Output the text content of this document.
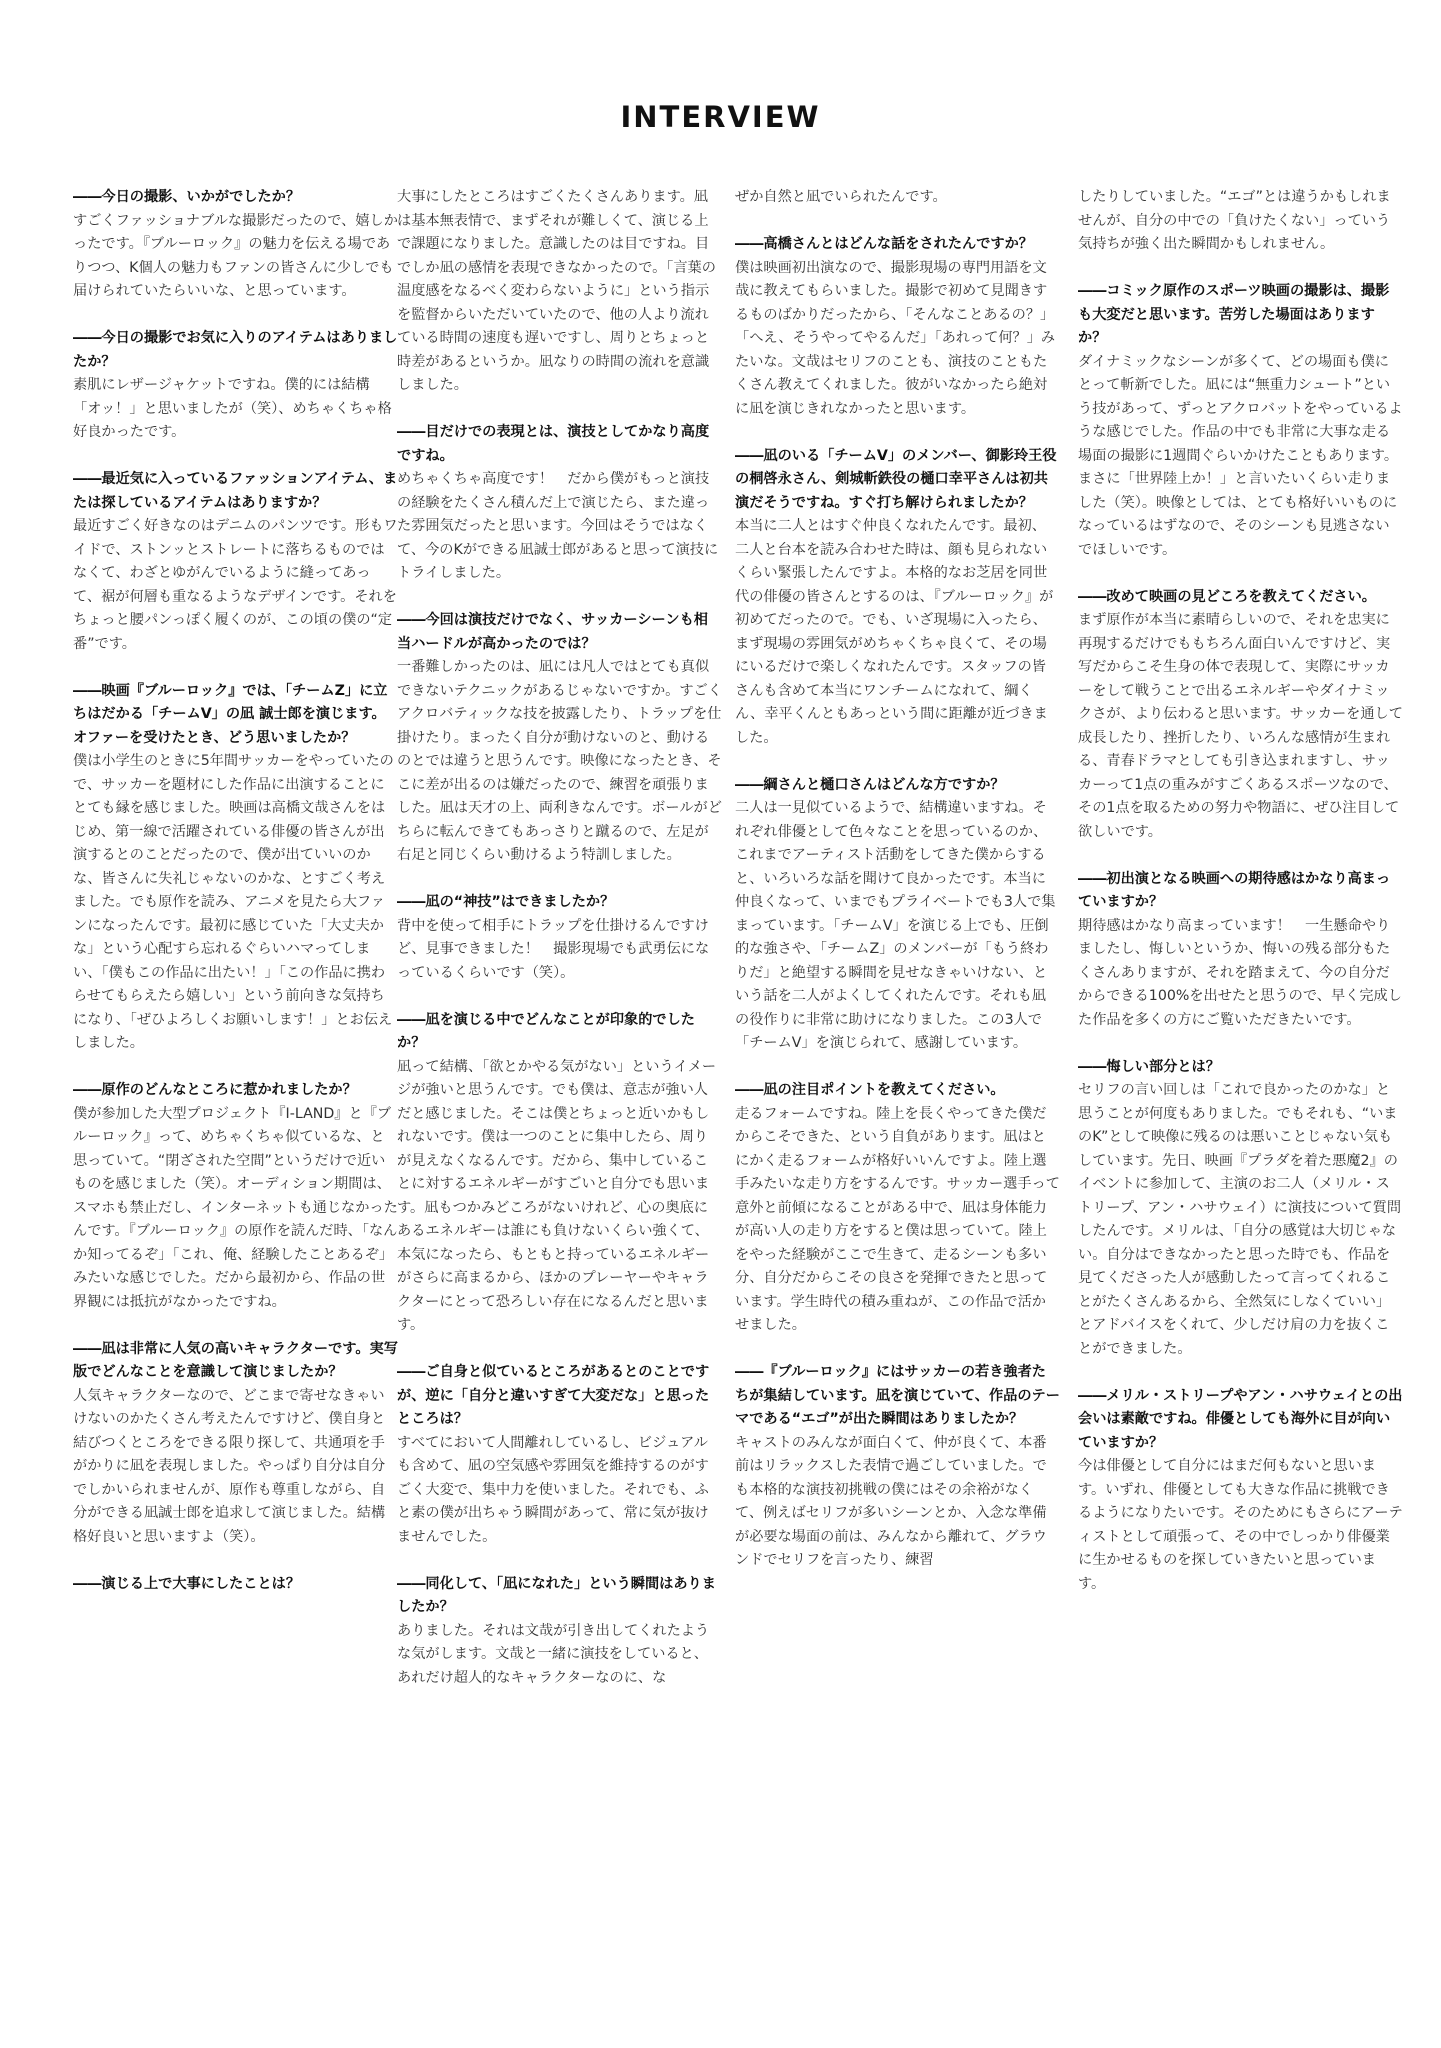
INTERVIEW

――今日の撮影、いかがでしたか？

すごくファッショナブルな撮影だったので、嬉しかったです。『ブルーロック』の魅力を伝える場でありつつ、K個人の魅力もファンの皆さんに少しでも届けられていたらいいな、と思っています。

――今日の撮影でお気に入りのアイテムはありましたか？

素肌にレザージャケットですね。僕的には結構「オッ！」と思いましたが（笑）、めちゃくちゃ格好良かったです。

――最近気に入っているファッションアイテム、または探しているアイテムはありますか？

最近すごく好きなのはデニムのパンツです。形もワイドで、ストンッとストレートに落ちるものではなくて、わざとゆがんでいるように縫ってあって、裾が何層も重なるようなデザインです。それをちょっと腰パンっぽく履くのが、この頃の僕の“定番”です。

――映画『ブルーロック』では、「チームZ」に立ちはだかる「チームV」の凪 誠士郎を演じます。オファーを受けたとき、どう思いましたか？

僕は小学生のときに5年間サッカーをやっていたので、サッカーを題材にした作品に出演することにとても縁を感じました。映画は高橋文哉さんをはじめ、第一線で活躍されている俳優の皆さんが出演するとのことだったので、僕が出ていいのかな、皆さんに失礼じゃないのかな、とすごく考えました。でも原作を読み、アニメを見たら大ファンになったんです。最初に感じていた「大丈夫かな」という心配すら忘れるぐらいハマってしまい、「僕もこの作品に出たい！」「この作品に携わらせてもらえたら嬉しい」という前向きな気持ちになり、「ぜひよろしくお願いします！」とお伝えしました。

――原作のどんなところに惹かれましたか？

僕が参加した大型プロジェクト『I-LAND』と『ブルーロック』って、めちゃくちゃ似ているな、と思っていて。“閉ざされた空間”というだけで近いものを感じました（笑）。オーディション期間は、スマホも禁止だし、インターネットも通じなかったんです。『ブルーロック』の原作を読んだ時、「なんか知ってるぞ」「これ、俺、経験したことあるぞ」みたいな感じでした。だから最初から、作品の世界観には抵抗がなかったですね。

――凪は非常に人気の高いキャラクターです。実写版でどんなことを意識して演じましたか？

人気キャラクターなので、どこまで寄せなきゃいけないのかたくさん考えたんですけど、僕自身と結びつくところをできる限り探して、共通項を手がかりに凪を表現しました。やっぱり自分は自分でしかいられませんが、原作も尊重しながら、自分ができる凪誠士郎を追求して演じました。結構格好良いと思いますよ（笑）。

――演じる上で大事にしたことは？

大事にしたところはすごくたくさんあります。凪は基本無表情で、まずそれが難しくて、演じる上で課題になりました。意識したのは目ですね。目でしか凪の感情を表現できなかったので。「言葉の温度感をなるべく変わらないように」という指示を監督からいただいていたので、他の人より流れている時間の速度も遅いですし、周りとちょっと時差があるというか。凪なりの時間の流れを意識しました。

――目だけでの表現とは、演技としてかなり高度ですね。

めちゃくちゃ高度です！　だから僕がもっと演技の経験をたくさん積んだ上で演じたら、また違った雰囲気だったと思います。今回はそうではなくて、今のKができる凪誠士郎があると思って演技にトライしました。

――今回は演技だけでなく、サッカーシーンも相当ハードルが高かったのでは？

一番難しかったのは、凪には凡人ではとても真似できないテクニックがあるじゃないですか。すごくアクロバティックな技を披露したり、トラップを仕掛けたり。まったく自分が動けないのと、動けるのとでは違うと思うんです。映像になったとき、そこに差が出るのは嫌だったので、練習を頑張りました。凪は天才の上、両利きなんです。ボールがどちらに転んできてもあっさりと蹴るので、左足が右足と同じくらい動けるよう特訓しました。

――凪の“神技”はできましたか？

背中を使って相手にトラップを仕掛けるんですけど、見事できました！　撮影現場でも武勇伝になっているくらいです（笑）。

――凪を演じる中でどんなことが印象的でしたか？

凪って結構、「欲とかやる気がない」というイメージが強いと思うんです。でも僕は、意志が強い人だと感じました。そこは僕とちょっと近いかもしれないです。僕は一つのことに集中したら、周りが見えなくなるんです。だから、集中していることに対するエネルギーがすごいと自分でも思います。凪もつかみどころがないけれど、心の奥底にあるエネルギーは誰にも負けないくらい強くて、本気になったら、もともと持っているエネルギーがさらに高まるから、ほかのプレーヤーやキャラクターにとって恐ろしい存在になるんだと思います。

――ご自身と似ているところがあるとのことですが、逆に「自分と違いすぎて大変だな」と思ったところは？

すべてにおいて人間離れしているし、ビジュアルも含めて、凪の空気感や雰囲気を維持するのがすごく大変で、集中力を使いました。それでも、ふと素の僕が出ちゃう瞬間があって、常に気が抜けませんでした。

――同化して、「凪になれた」という瞬間はありましたか？

ありました。それは文哉が引き出してくれたような気がします。文哉と一緒に演技をしていると、あれだけ超人的なキャラクターなのに、な

ぜか自然と凪でいられたんです。

――高橋さんとはどんな話をされたんですか？

僕は映画初出演なので、撮影現場の専門用語を文哉に教えてもらいました。撮影で初めて見聞きするものばかりだったから、「そんなことあるの？」「へえ、そうやってやるんだ」「あれって何？」みたいな。文哉はセリフのことも、演技のこともたくさん教えてくれました。彼がいなかったら絶対に凪を演じきれなかったと思います。

――凪のいる「チームV」のメンバー、御影玲王役の桐啓永さん、剣城斬鉄役の樋口幸平さんは初共演だそうですね。すぐ打ち解けられましたか？

本当に二人とはすぐ仲良くなれたんです。最初、二人と台本を読み合わせた時は、顔も見られないくらい緊張したんですよ。本格的なお芝居を同世代の俳優の皆さんとするのは、『ブルーロック』が初めてだったので。でも、いざ現場に入ったら、まず現場の雰囲気がめちゃくちゃ良くて、その場にいるだけで楽しくなれたんです。スタッフの皆さんも含めて本当にワンチームになれて、綱くん、幸平くんともあっという間に距離が近づきました。

――綱さんと樋口さんはどんな方ですか？

二人は一見似ているようで、結構違いますね。それぞれ俳優として色々なことを思っているのか、これまでアーティスト活動をしてきた僕からすると、いろいろな話を聞けて良かったです。本当に仲良くなって、いまでもプライベートでも3人で集まっています。「チームV」を演じる上でも、圧倒的な強さや、「チームZ」のメンバーが「もう終わりだ」と絶望する瞬間を見せなきゃいけない、という話を二人がよくしてくれたんです。それも凪の役作りに非常に助けになりました。この3人で「チームV」を演じられて、感謝しています。

――凪の注目ポイントを教えてください。

走るフォームですね。陸上を長くやってきた僕だからこそできた、という自負があります。凪はとにかく走るフォームが格好いいんですよ。陸上選手みたいな走り方をするんです。サッカー選手って意外と前傾になることがある中で、凪は身体能力が高い人の走り方をすると僕は思っていて。陸上をやった経験がここで生きて、走るシーンも多い分、自分だからこその良さを発揮できたと思っています。学生時代の積み重ねが、この作品で活かせました。

――『ブルーロック』にはサッカーの若き強者たちが集結しています。凪を演じていて、作品のテーマである“エゴ”が出た瞬間はありましたか？

キャストのみんなが面白くて、仲が良くて、本番前はリラックスした表情で過ごしていました。でも本格的な演技初挑戦の僕にはその余裕がなくて、例えばセリフが多いシーンとか、入念な準備が必要な場面の前は、みんなから離れて、グラウンドでセリフを言ったり、練習

したりしていました。“エゴ”とは違うかもしれませんが、自分の中での「負けたくない」っていう気持ちが強く出た瞬間かもしれません。

――コミック原作のスポーツ映画の撮影は、撮影も大変だと思います。苦労した場面はありますか？

ダイナミックなシーンが多くて、どの場面も僕にとって斬新でした。凪には“無重力シュート”という技があって、ずっとアクロバットをやっているような感じでした。作品の中でも非常に大事な走る場面の撮影に1週間ぐらいかけたこともあります。まさに「世界陸上か！」と言いたいくらい走りました（笑）。映像としては、とても格好いいものになっているはずなので、そのシーンも見逃さないでほしいです。

――改めて映画の見どころを教えてください。

まず原作が本当に素晴らしいので、それを忠実に再現するだけでももちろん面白いんですけど、実写だからこそ生身の体で表現して、実際にサッカーをして戦うことで出るエネルギーやダイナミックさが、より伝わると思います。サッカーを通して成長したり、挫折したり、いろんな感情が生まれる、青春ドラマとしても引き込まれますし、サッカーって1点の重みがすごくあるスポーツなので、その1点を取るための努力や物語に、ぜひ注目して欲しいです。

――初出演となる映画への期待感はかなり高まっていますか？

期待感はかなり高まっています！　一生懸命やりましたし、悔しいというか、悔いの残る部分もたくさんありますが、それを踏まえて、今の自分だからできる100%を出せたと思うので、早く完成した作品を多くの方にご覧いただきたいです。

――悔しい部分とは？

セリフの言い回しは「これで良かったのかな」と思うことが何度もありました。でもそれも、“いまのK”として映像に残るのは悪いことじゃない気もしています。先日、映画『プラダを着た悪魔2』のイベントに参加して、主演のお二人（メリル・ストリープ、アン・ハサウェイ）に演技について質問したんです。メリルは、「自分の感覚は大切じゃない。自分はできなかったと思った時でも、作品を見てくださった人が感動したって言ってくれることがたくさんあるから、全然気にしなくていい」とアドバイスをくれて、少しだけ肩の力を抜くことができました。

――メリル・ストリープやアン・ハサウェイとの出会いは素敵ですね。俳優としても海外に目が向いていますか？

今は俳優として自分にはまだ何もないと思います。いずれ、俳優としても大きな作品に挑戦できるようになりたいです。そのためにもさらにアーティストとして頑張って、その中でしっかり俳優業に生かせるものを探していきたいと思っています。
